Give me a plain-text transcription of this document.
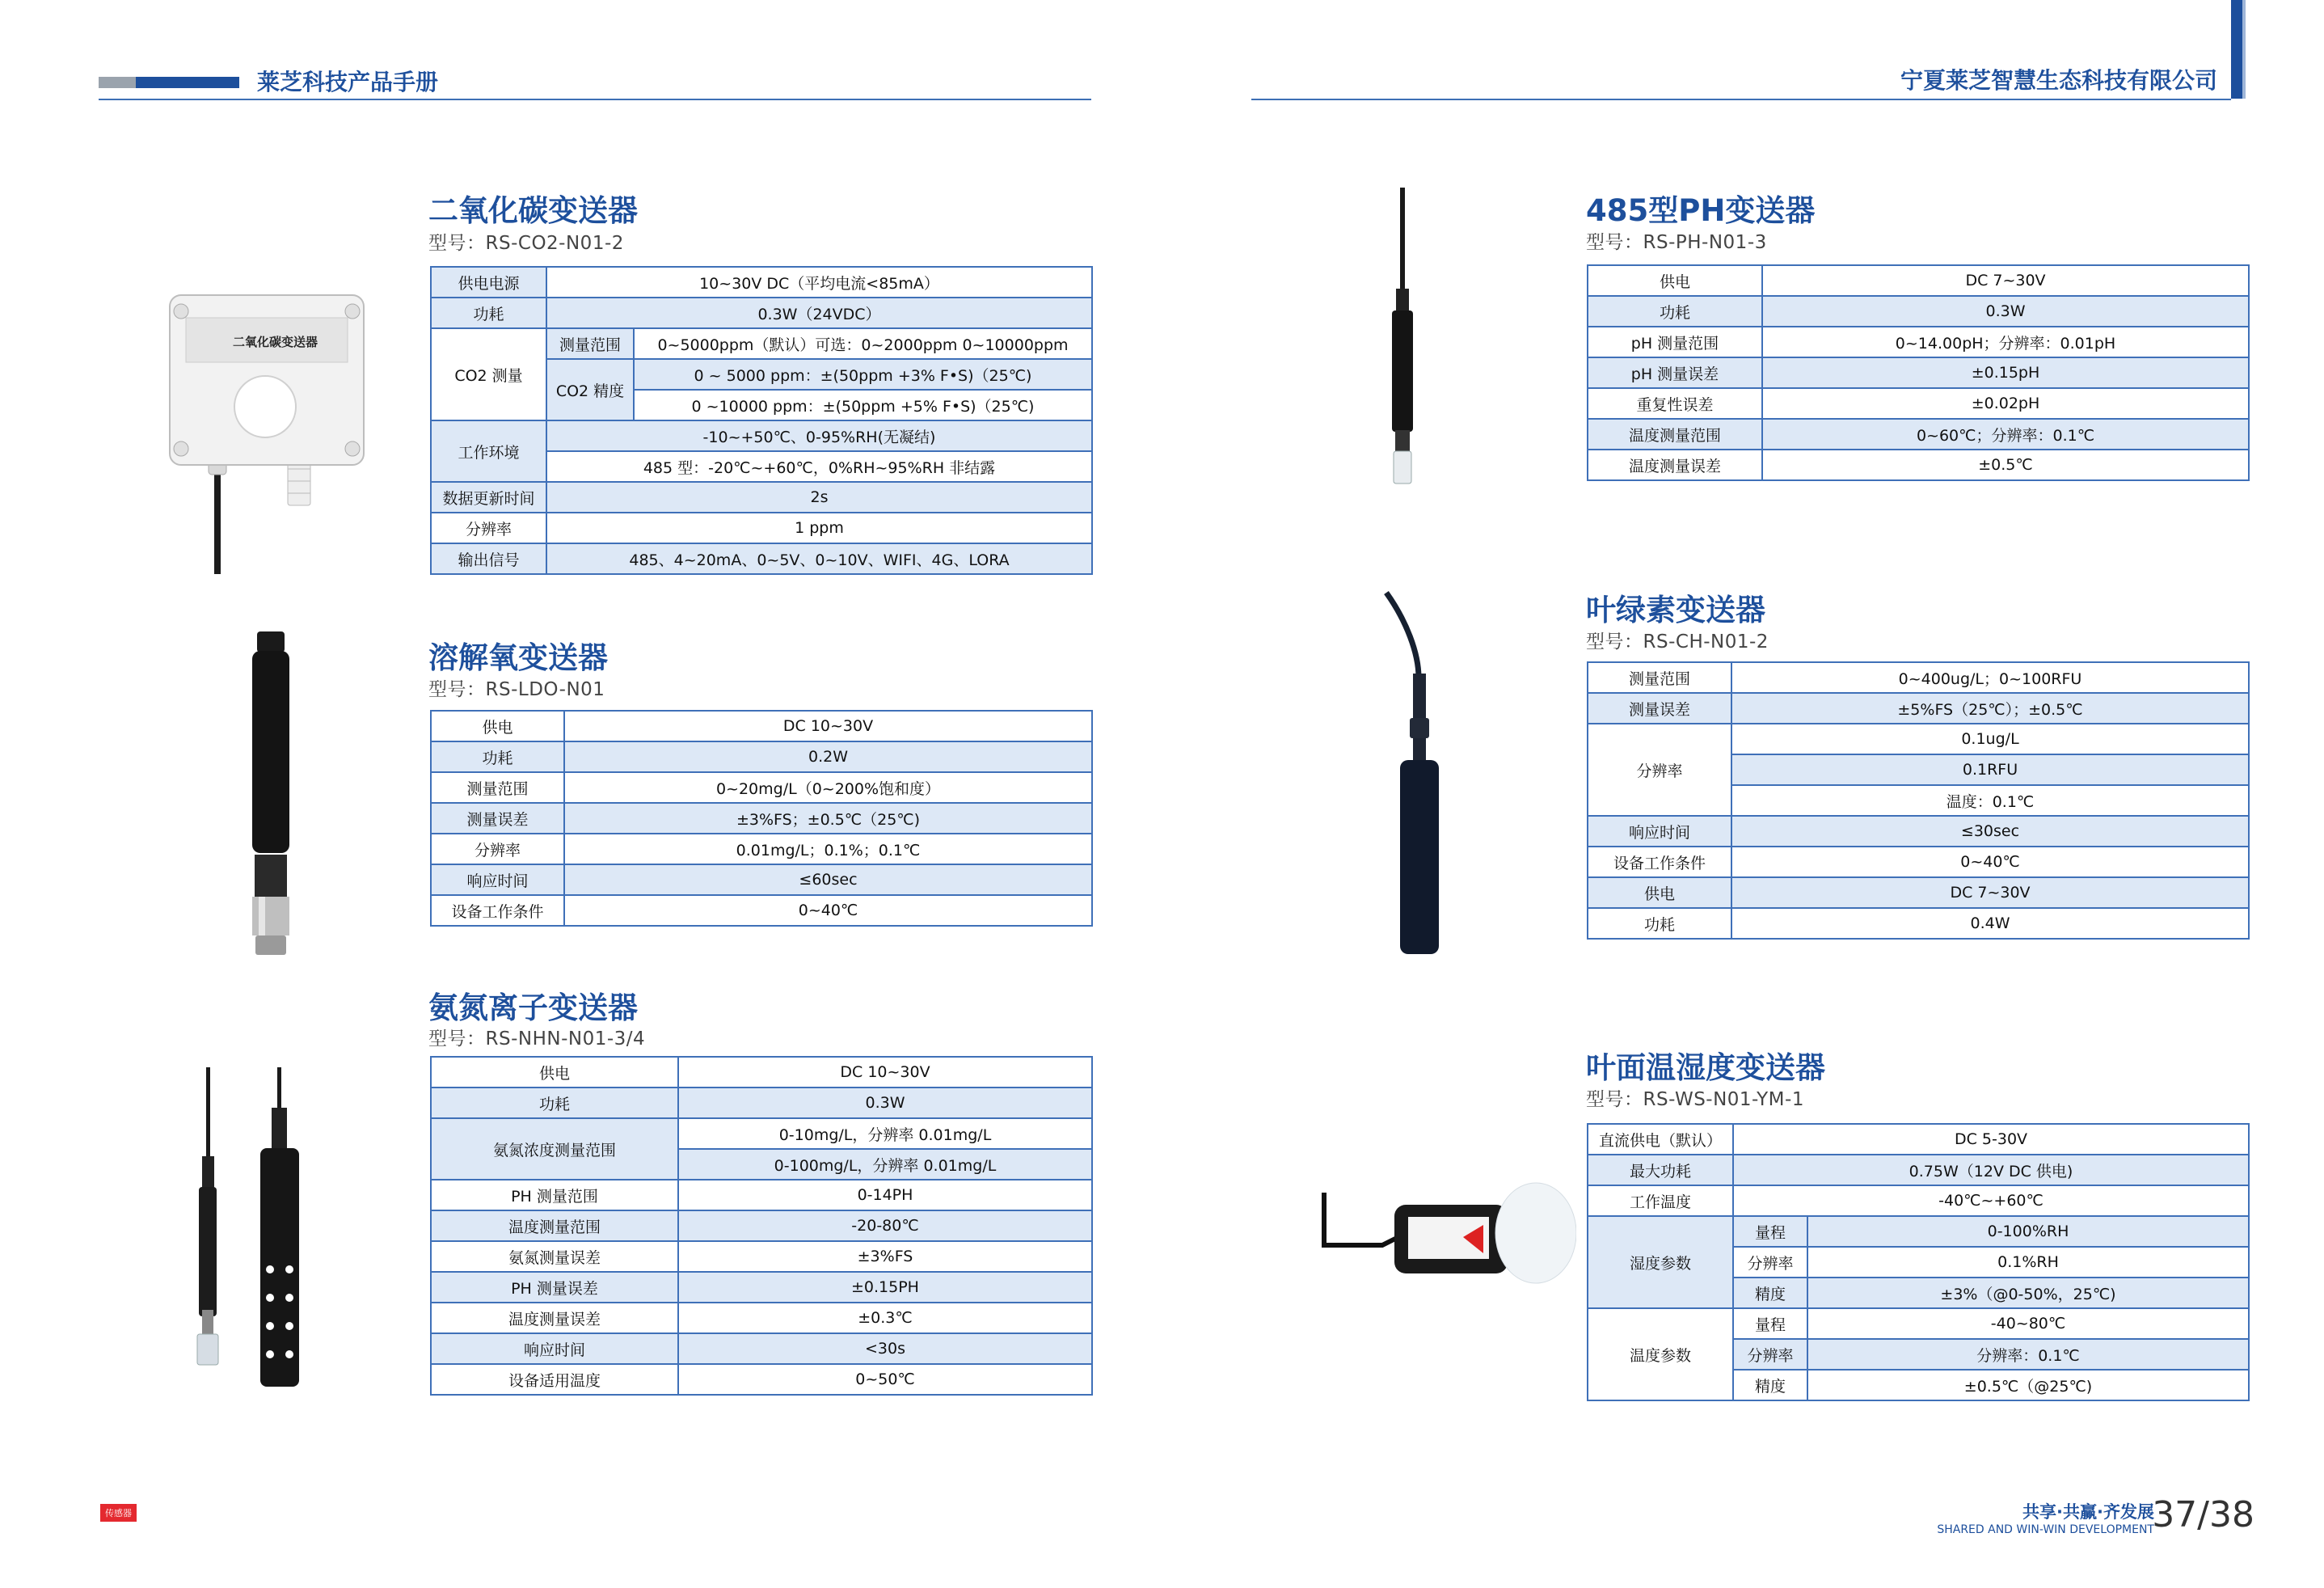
莱芝科技产品手册	宁夏莱芝智慧生态科技有限公司
二氧化碳变送器
型号：RS-CO2-N01-2
二氧化碳变送器
供电电源	10~30V DC（平均电流<85mA）	
功耗	0.3W（24VDC）	
CO2 测量	测量范围	0~5000ppm（默认）可选：0~2000ppm 0~10000ppm
	CO2 精度	0 ~ 5000 ppm：±(50ppm +3% F•S)（25℃)
		0 ~10000 ppm：±(50ppm +5% F•S)（25℃)
工作环境	-10~+50℃、0-95%RH(无凝结)	
	485 型：-20℃~+60℃，0%RH~95%RH 非结露	
数据更新时间	2s	
分辨率	1 ppm	
输出信号	485、4~20mA、0~5V、0~10V、WIFI、4G、LORA	
溶解氧变送器
型号：RS-LDO-N01
供电	DC 10~30V
功耗	0.2W
测量范围	0~20mg/L（0~200%饱和度）
测量误差	±3%FS；±0.5℃（25℃)
分辨率	0.01mg/L；0.1%；0.1℃
响应时间	≤60sec
设备工作条件	0~40℃
氨氮离子变送器
型号：RS-NHN-N01-3/4
供电	DC 10~30V
功耗	0.3W
氨氮浓度测量范围	0-10mg/L，分辨率 0.01mg/L
	0-100mg/L，分辨率 0.01mg/L
PH 测量范围	0-14PH
温度测量范围	-20-80℃
氨氮测量误差	±3%FS
PH 测量误差	±0.15PH
温度测量误差	±0.3℃
响应时间	<30s
设备适用温度	0~50℃
485型PH变送器
型号：RS-PH-N01-3
供电	DC 7~30V
功耗	0.3W
pH 测量范围	0~14.00pH；分辨率：0.01pH
pH 测量误差	±0.15pH
重复性误差	±0.02pH
温度测量范围	0~60℃；分辨率：0.1℃
温度测量误差	±0.5℃
叶绿素变送器
型号：RS-CH-N01-2
测量范围	0~400ug/L；0~100RFU
测量误差	±5%FS（25℃）；±0.5℃
分辨率	0.1ug/L
	0.1RFU
	温度：0.1℃
响应时间	≤30sec
设备工作条件	0~40℃
供电	DC 7~30V
功耗	0.4W
叶面温湿度变送器
型号：RS-WS-N01-YM-1
直流供电（默认）	DC 5-30V	
最大功耗	0.75W（12V DC 供电)	
工作温度	-40℃~+60℃	
湿度参数	量程	0-100%RH
	分辨率	0.1%RH
	精度	±3%（@0-50%，25℃)
温度参数	量程	-40~80℃
	分辨率	分辨率：0.1℃
	精度	±0.5℃（@25℃)
传感器	共享·共赢·齐发展
SHARED AND WIN-WIN DEVELOPMENT
37/38
